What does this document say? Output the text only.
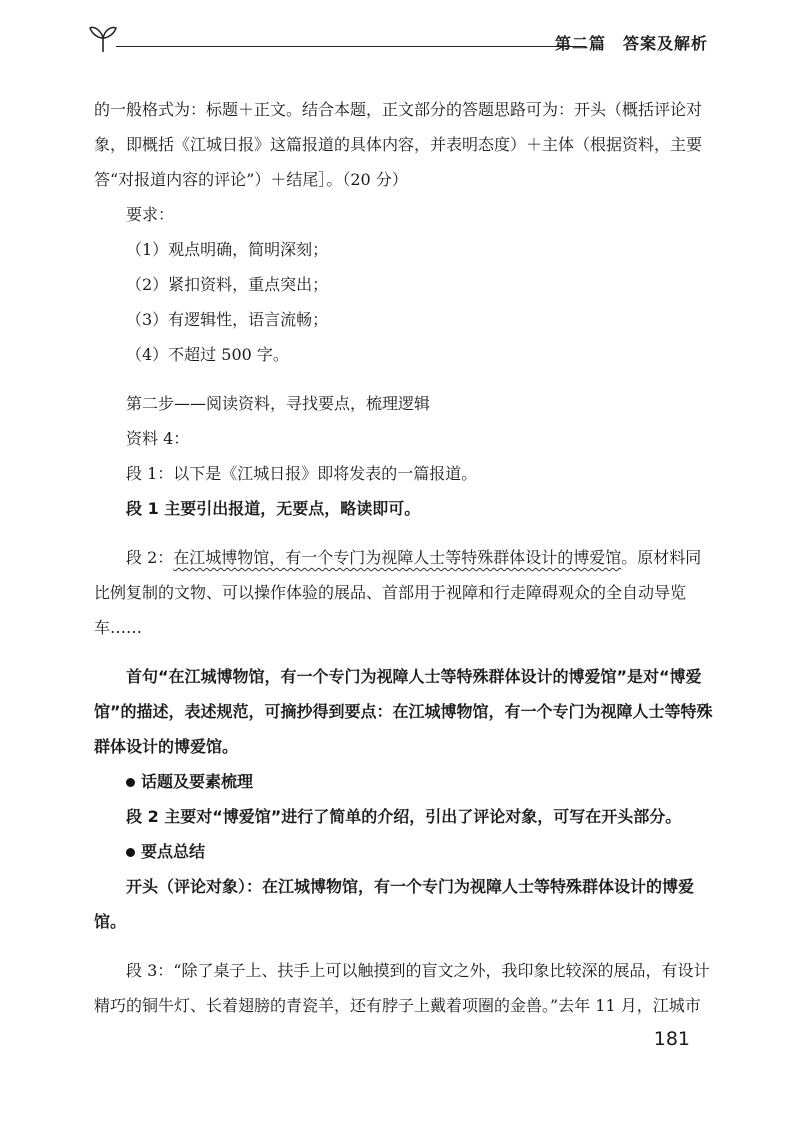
第二篇　答案及解析

的一般格式为：标题＋正文。结合本题，正文部分的答题思路可为：开头（概括评论对象，即概括《江城日报》这篇报道的具体内容，并表明态度）＋主体（根据资料，主要答“对报道内容的评论”）＋结尾］。（20 分）

要求：

（1）观点明确，简明深刻；

（2）紧扣资料，重点突出；

（3）有逻辑性，语言流畅；

（4）不超过 500 字。

第二步——阅读资料，寻找要点，梳理逻辑

资料 4：

段 1：以下是《江城日报》即将发表的一篇报道。

段 1 主要引出报道，无要点，略读即可。

段 2：在江城博物馆，有一个专门为视障人士等特殊群体设计的博爱馆。原材料同比例复制的文物、可以操作体验的展品、首部用于视障和行走障碍观众的全自动导览车……

首句“在江城博物馆，有一个专门为视障人士等特殊群体设计的博爱馆”是对“博爱馆”的描述，表述规范，可摘抄得到要点：在江城博物馆，有一个专门为视障人士等特殊群体设计的博爱馆。

话题及要素梳理

段 2 主要对“博爱馆”进行了简单的介绍，引出了评论对象，可写在开头部分。

要点总结

开头（评论对象）：在江城博物馆，有一个专门为视障人士等特殊群体设计的博爱馆。

段 3：“除了桌子上、扶手上可以触摸到的盲文之外，我印象比较深的展品，有设计精巧的铜牛灯、长着翅膀的青瓷羊，还有脖子上戴着项圈的金兽。”去年 11 月，江城市

181
